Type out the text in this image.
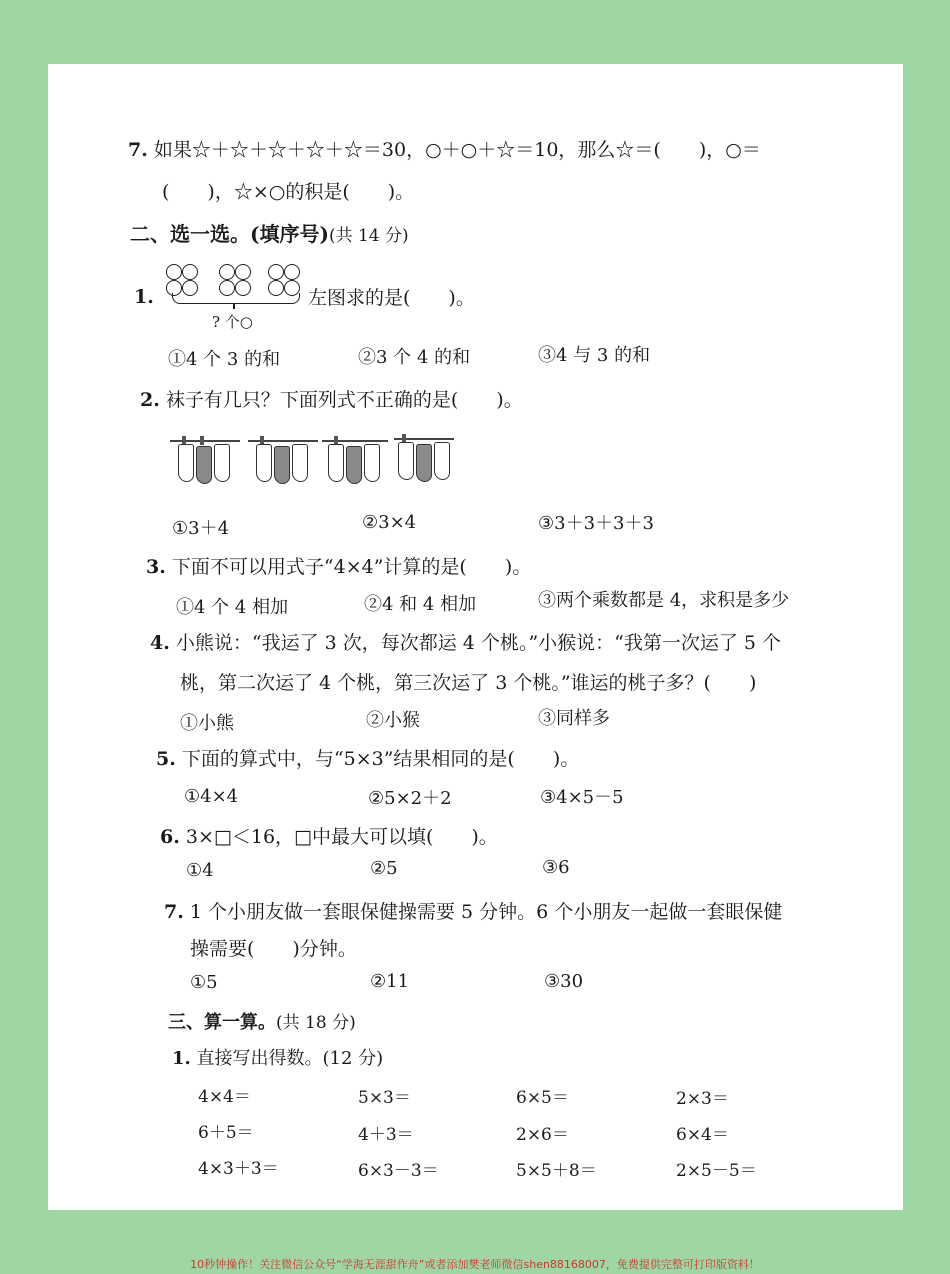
7. 如果☆＋☆＋☆＋☆＋☆＝30，○＋○＋☆＝10，那么☆＝(　　)，○＝
(　　)，☆×○的积是(　　)。
二、选一选。(填序号)(共 14 分)
1.
? 个○
左图求的是(　　)。
①4 个 3 的和	②3 个 4 的和	③4 与 3 的和
2. 袜子有几只？下面列式不正确的是(　　)。
①3＋4	②3×4	③3＋3＋3＋3
3. 下面不可以用式子“4×4”计算的是(　　)。
①4 个 4 相加	②4 和 4 相加	③两个乘数都是 4，求积是多少
4. 小熊说：“我运了 3 次，每次都运 4 个桃。”小猴说：“我第一次运了 5 个
桃，第二次运了 4 个桃，第三次运了 3 个桃。”谁运的桃子多？(　　)
①小熊	②小猴	③同样多
5. 下面的算式中，与“5×3”结果相同的是(　　)。
①4×4	②5×2＋2	③4×5－5
6. 3×□＜16，□中最大可以填(　　)。
①4	②5	③6
7. 1 个小朋友做一套眼保健操需要 5 分钟。6 个小朋友一起做一套眼保健
操需要(　　)分钟。
①5	②11	③30
三、算一算。(共 18 分)
1. 直接写出得数。(12 分)
4×4＝	5×3＝	6×5＝	2×3＝
6＋5＝	4＋3＝	2×6＝	6×4＝
4×3＋3＝	6×3－3＝	5×5＋8＝	2×5－5＝
10秒钟操作！关注微信公众号“学海无涯甜作舟”或者添加樊老师微信shen88168007，免费提供完整可打印版资料！
